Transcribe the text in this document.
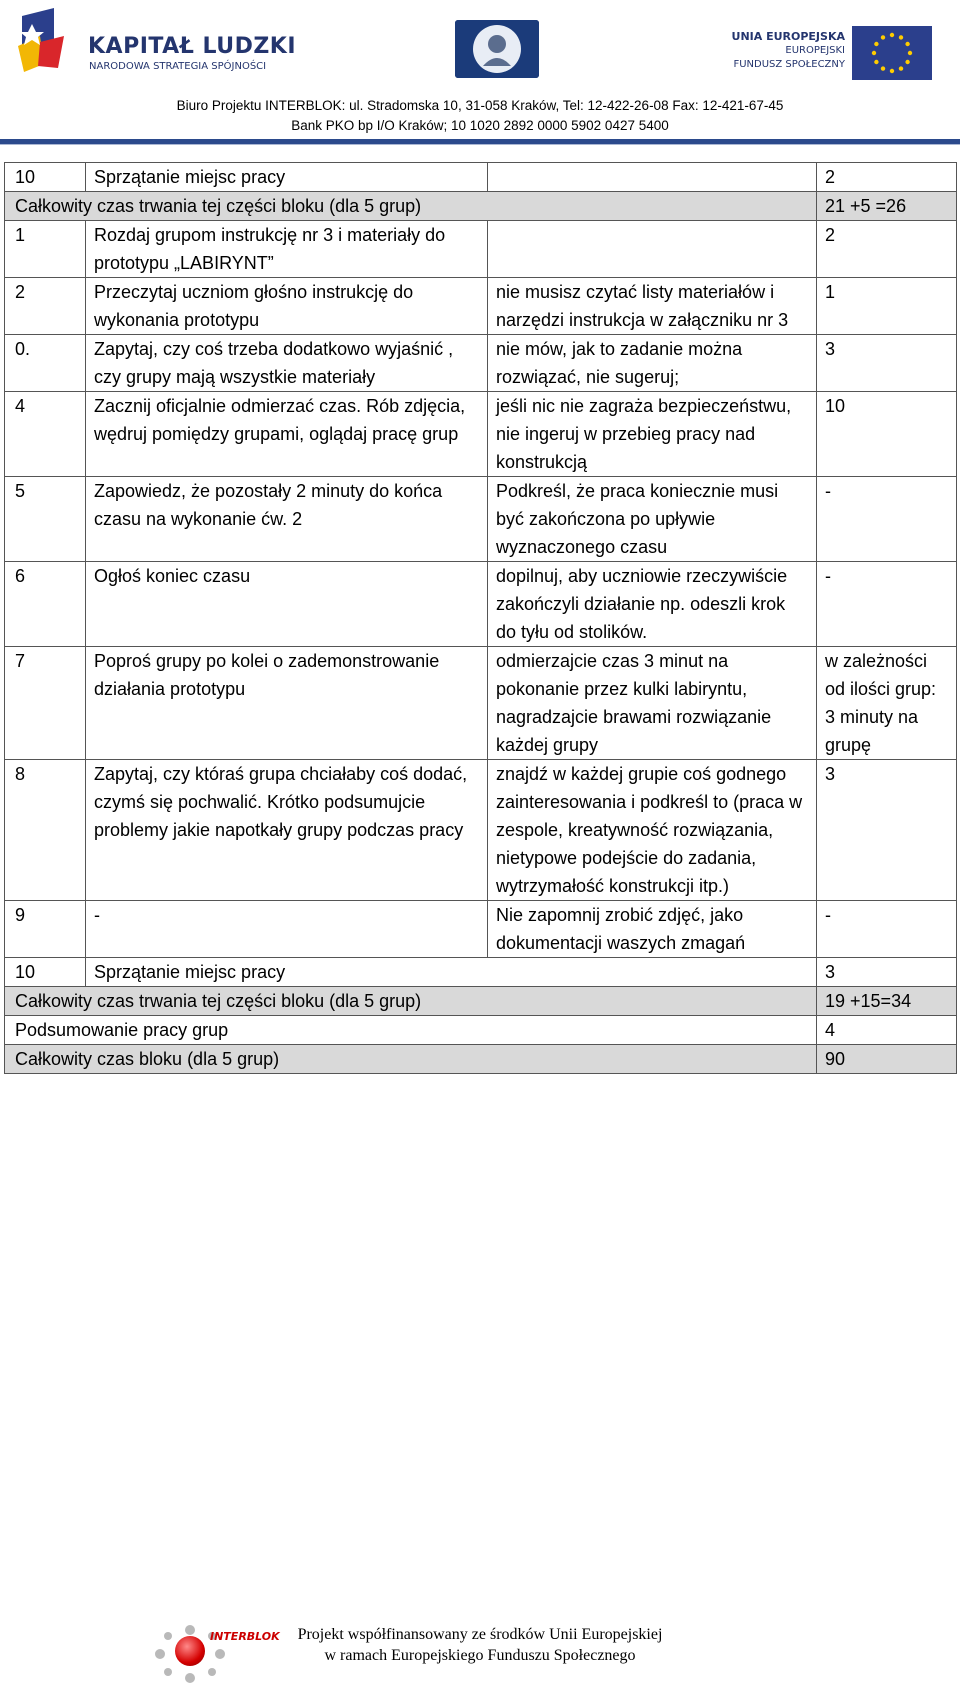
KAPITAŁ LUDZKI
NARODOWA STRATEGIA SPÓJNOŚCI
UNIA EUROPEJSKA
EUROPEJSKI
FUNDUSZ SPOŁECZNY
Biuro Projektu INTERBLOK: ul. Stradomska 10, 31-058 Kraków, Tel: 12-422-26-08 Fax: 12-421-67-45
Bank PKO bp I/O Kraków; 10 1020 2892 0000 5902 0427 5400
10	Sprzątanie miejsc pracy		2
Całkowity czas trwania tej części bloku (dla 5 grup)			21 +5 =26
1	Rozdaj grupom instrukcję nr 3 i materiały do prototypu „LABIRYNT”		2
2	Przeczytaj uczniom głośno instrukcję do wykonania prototypu	nie musisz czytać listy materiałów i narzędzi instrukcja w załączniku nr 3	1
0.	Zapytaj, czy coś trzeba dodatkowo wyjaśnić , czy grupy mają wszystkie materiały	nie mów, jak to zadanie można rozwiązać, nie sugeruj;	3
4	Zacznij oficjalnie odmierzać czas. Rób zdjęcia, wędruj pomiędzy grupami, oglądaj pracę grup	jeśli nic nie zagraża bezpieczeństwu, nie ingeruj w przebieg pracy nad konstrukcją	10
5	Zapowiedz, że pozostały 2 minuty do końca czasu na wykonanie ćw. 2	Podkreśl, że praca koniecznie musi być zakończona po upływie wyznaczonego czasu	-
6	Ogłoś koniec czasu	dopilnuj, aby uczniowie rzeczywiście zakończyli działanie np. odeszli krok do tyłu od stolików.	-
7	Poproś grupy po kolei o zademonstrowanie działania prototypu	odmierzajcie czas 3 minut na pokonanie przez kulki labiryntu, nagradzajcie brawami rozwiązanie każdej grupy	w zależności od ilości grup: 3 minuty na grupę
8	Zapytaj, czy któraś grupa chciałaby coś dodać, czymś się pochwalić. Krótko podsumujcie problemy jakie napotkały grupy podczas pracy	znajdź w każdej grupie coś godnego zainteresowania i podkreśl to (praca w zespole, kreatywność rozwiązania, nietypowe podejście do zadania, wytrzymałość konstrukcji itp.)	3
9	-	Nie zapomnij zrobić zdjęć, jako dokumentacji waszych zmagań	-
10	Sprzątanie miejsc pracy		3
Całkowity czas trwania tej części bloku (dla 5 grup)			19 +15=34
Podsumowanie pracy grup			4
Całkowity czas bloku (dla 5 grup)			90
INTERBLOK	Projekt współfinansowany ze środków Unii Europejskiej
w ramach Europejskiego Funduszu Społecznego
